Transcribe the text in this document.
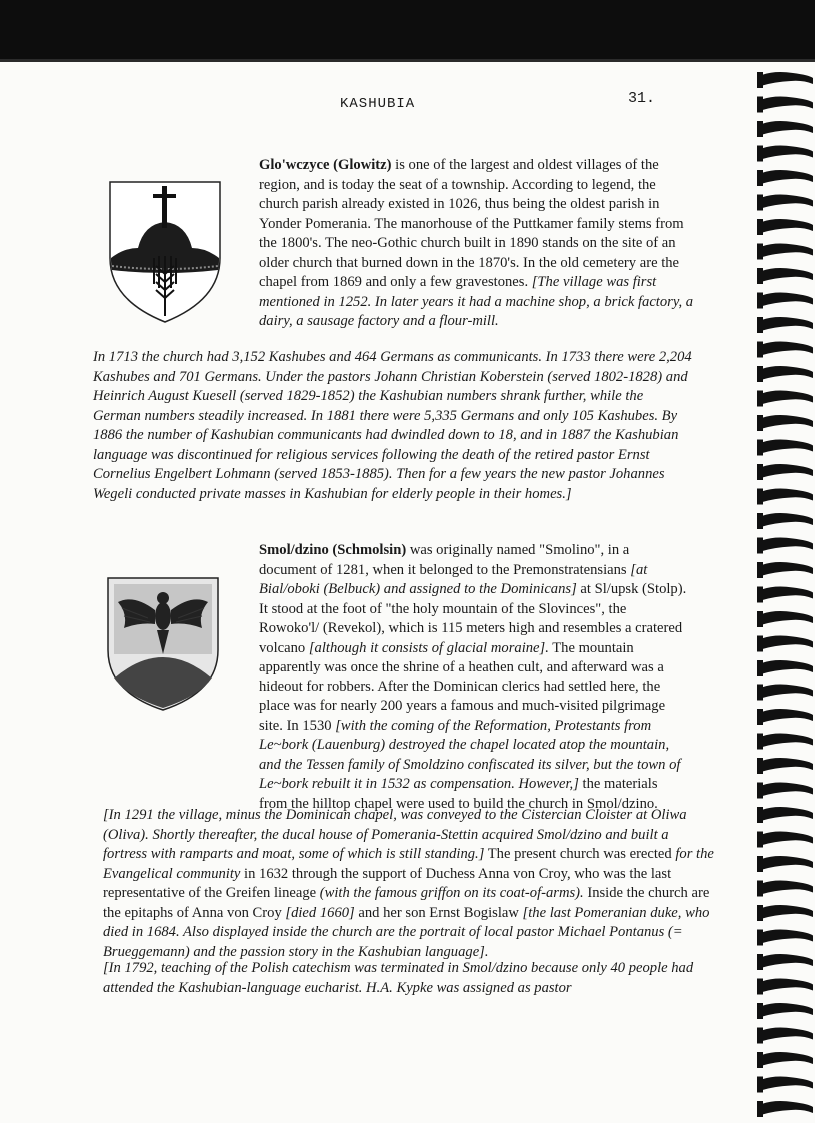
KASHUBIA	31.

Glo'wczyce (Glowitz) is one of the largest and oldest villages of the region, and is today the seat of a township. According to legend, the church parish already existed in 1026, thus being the oldest parish in Yonder Pomerania. The manorhouse of the Puttkamer family stems from the 1800's. The neo-Gothic church built in 1890 stands on the site of an older church that burned down in the 1870's. In the old cemetery are the chapel from 1869 and only a few gravestones. [The village was first mentioned in 1252. In later years it had a machine shop, a brick factory, a dairy, a sausage factory and a flour-mill.

In 1713 the church had 3,152 Kashubes and 464 Germans as communicants. In 1733 there were 2,204 Kashubes and 701 Germans. Under the pastors Johann Christian Koberstein (served 1802-1828) and Heinrich August Kuesell (served 1829-1852) the Kashubian numbers shrank further, while the German numbers steadily increased. In 1881 there were 5,335 Germans and only 105 Kashubes. By 1886 the number of Kashubian communicants had dwindled down to 18, and in 1887 the Kashubian language was discontinued for religious services following the death of the retired pastor Ernst Cornelius Engelbert Lohmann (served 1853-1885). Then for a few years the new pastor Johannes Wegeli conducted private masses in Kashubian for elderly people in their homes.]

Smol/dzino (Schmolsin) was originally named "Smolino", in a document of 1281, when it belonged to the Premonstratensians [at Bial/oboki (Belbuck) and assigned to the Dominicans] at Sl/upsk (Stolp). It stood at the foot of "the holy mountain of the Slovinces", the Rowoko'l/ (Revekol), which is 115 meters high and resembles a cratered volcano [although it consists of glacial moraine]. The mountain apparently was once the shrine of a heathen cult, and afterward was a hideout for robbers. After the Dominican clerics had settled here, the place was for nearly 200 years a famous and much-visited pilgrimage site. In 1530 [with the coming of the Reformation, Protestants from Le~bork (Lauenburg) destroyed the chapel located atop the mountain, and the Tessen family of Smoldzino confiscated its silver, but the town of Le~bork rebuilt it in 1532 as compensation. However,] the materials from the hilltop chapel were used to build the church in Smol/dzino.

[In 1291 the village, minus the Dominican chapel, was conveyed to the Cistercian Cloister at Oliwa (Oliva). Shortly thereafter, the ducal house of Pomerania-Stettin acquired Smol/dzino and built a fortress with ramparts and moat, some of which is still standing.] The present church was erected for the Evangelical community in 1632 through the support of Duchess Anna von Croy, who was the last representative of the Greifen lineage (with the famous griffon on its coat-of-arms). Inside the church are the epitaphs of Anna von Croy [died 1660] and her son Ernst Bogislaw [the last Pomeranian duke, who died in 1684. Also displayed inside the church are the portrait of local pastor Michael Pontanus (= Brueggemann) and the passion story in the Kashubian language].

[In 1792, teaching of the Polish catechism was terminated in Smol/dzino because only 40 people had attended the Kashubian-language eucharist. H.A. Kypke was assigned as pastor
